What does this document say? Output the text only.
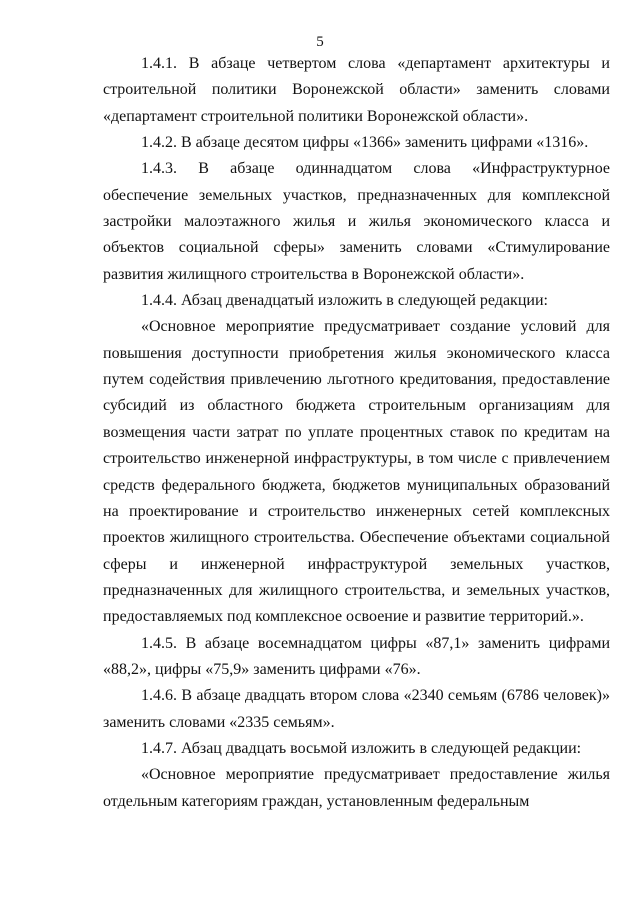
5

1.4.1. В абзаце четвертом слова «департамент архитектуры и строительной политики Воронежской области» заменить словами «департамент строительной политики Воронежской области».

1.4.2. В абзаце десятом цифры «1366» заменить цифрами «1316».

1.4.3. В абзаце одиннадцатом слова «Инфраструктурное обеспечение земельных участков, предназначенных для комплексной застройки малоэтажного жилья и жилья экономического класса и объектов социальной сферы» заменить словами «Стимулирование развития жилищного строительства в Воронежской области».

1.4.4. Абзац двенадцатый изложить в следующей редакции:

«Основное мероприятие предусматривает создание условий для повышения доступности приобретения жилья экономического класса путем содействия привлечению льготного кредитования, предоставление субсидий из областного бюджета строительным организациям для возмещения части затрат по уплате процентных ставок по кредитам на строительство инженерной инфраструктуры, в том числе с привлечением средств федерального бюджета, бюджетов муниципальных образований на проектирование и строительство инженерных сетей комплексных проектов жилищного строительства. Обеспечение объектами социальной сферы и инженерной инфраструктурой земельных участков, предназначенных для жилищного строительства, и земельных участков, предоставляемых под комплексное освоение и развитие территорий.».

1.4.5. В абзаце восемнадцатом цифры «87,1» заменить цифрами «88,2», цифры «75,9» заменить цифрами «76».

1.4.6. В абзаце двадцать втором слова «2340 семьям (6786 человек)» заменить словами «2335 семьям».

1.4.7. Абзац двадцать восьмой изложить в следующей редакции:

«Основное мероприятие предусматривает предоставление жилья отдельным категориям граждан, установленным федеральным
